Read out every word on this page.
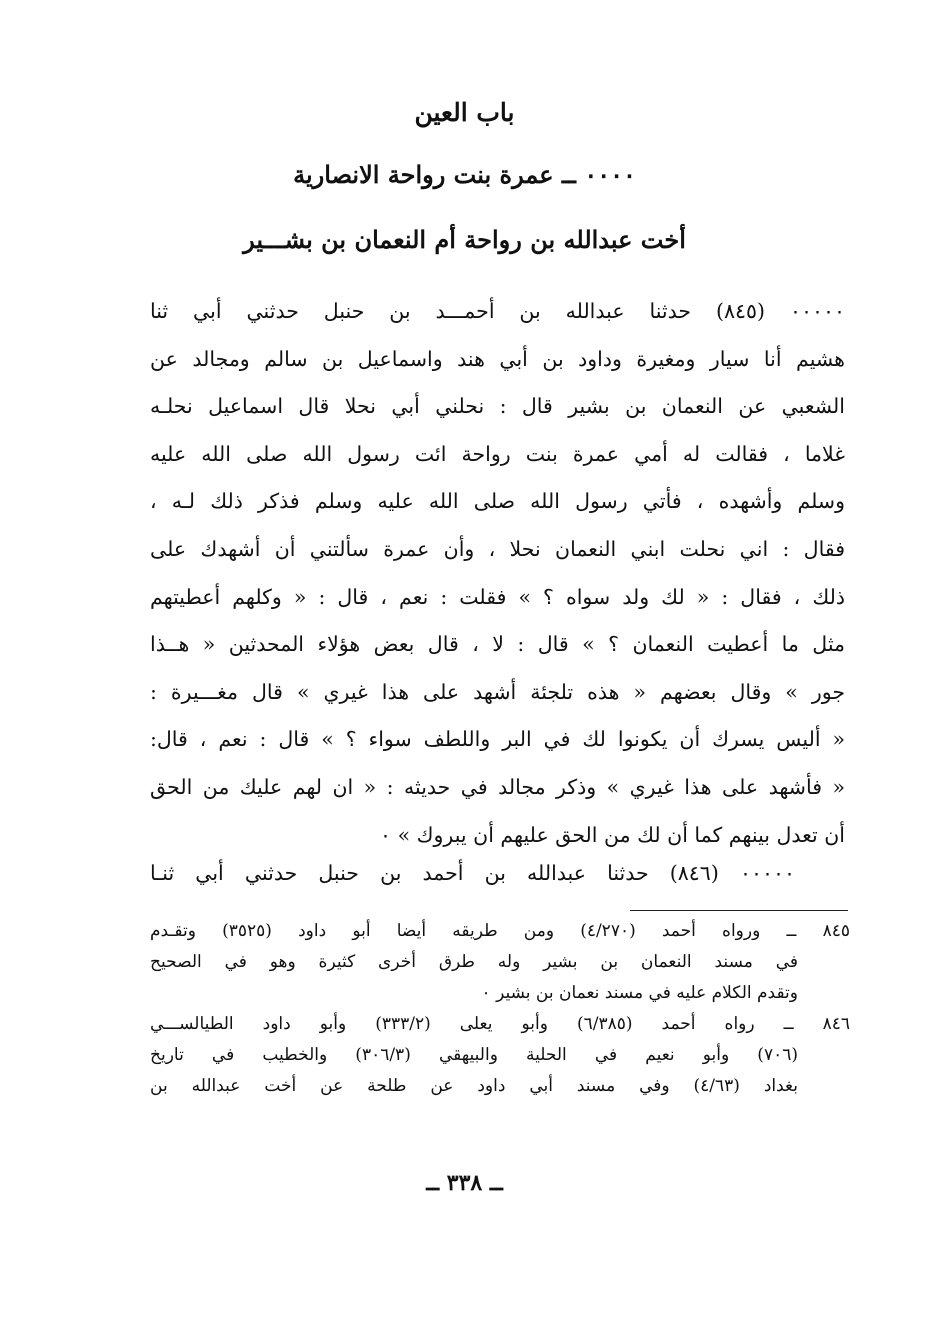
باب العين
٠٠٠٠ ــ عمرة بنت رواحة الانصارية
أخت عبدالله بن رواحة أم النعمان بن بشـــير
٠٠٠٠٠ (٨٤٥) حدثنا عبدالله بن أحمـــد بن حنبل حدثني أبي ثنا
هشيم أنا سيار ومغيرة وداود بن أبي هند واسماعيل بن سالم ومجالد عن
الشعبي عن النعمان بن بشير قال : نحلني أبي نحلا قال اسماعيل نحلـه
غلاما ، فقالت له أمي عمرة بنت رواحة ائت رسول الله صلى الله عليه
وسلم وأشهده ، فأتي رسول الله صلى الله عليه وسلم فذكر ذلك لـه ،
فقال : اني نحلت ابني النعمان نحلا ، وأن عمرة سألتني أن أشهدك على
ذلك ، فقال : « لك ولد سواه ؟ » فقلت : نعم ، قال : « وكلهم أعطيتهم
مثل ما أعطيت النعمان ؟ » قال : لا ، قال بعض هؤلاء المحدثين « هــذا
جور » وقال بعضهم « هذه تلجئة أشهد على هذا غيري » قال مغـــيرة :
« أليس يسرك أن يكونوا لك في البر واللطف سواء ؟ » قال : نعم ، قال:
« فأشهد على هذا غيري » وذكر مجالد في حديثه : « ان لهم عليك من الحق
أن تعدل بينهم كما أن لك من الحق عليهم أن يبروك » ٠
٠٠٠٠٠ (٨٤٦) حدثنا عبدالله بن أحمد بن حنبل حدثني أبي ثنـا
٨٤٥ ــ ورواه أحمد (٤/٢٧٠) ومن طريقه أيضا أبو داود (٣٥٢٥) وتقـدم
في مسند النعمان بن بشير وله طرق أخرى كثيرة وهو في الصحيح
وتقدم الكلام عليه في مسند نعمان بن بشير ٠
٨٤٦ ــ رواه أحمد (٦/٣٨٥) وأبو يعلى (٣٣٣/٢) وأبو داود الطيالســـي
(٧٠٦) وأبو نعيم في الحلية والبيهقي (٣٠٦/٣) والخطيب في تاريخ
بغداد (٤/٦٣) وفي مسند أبي داود عن طلحة عن أخت عبدالله بن
ــ ٣٣٨ ــ
